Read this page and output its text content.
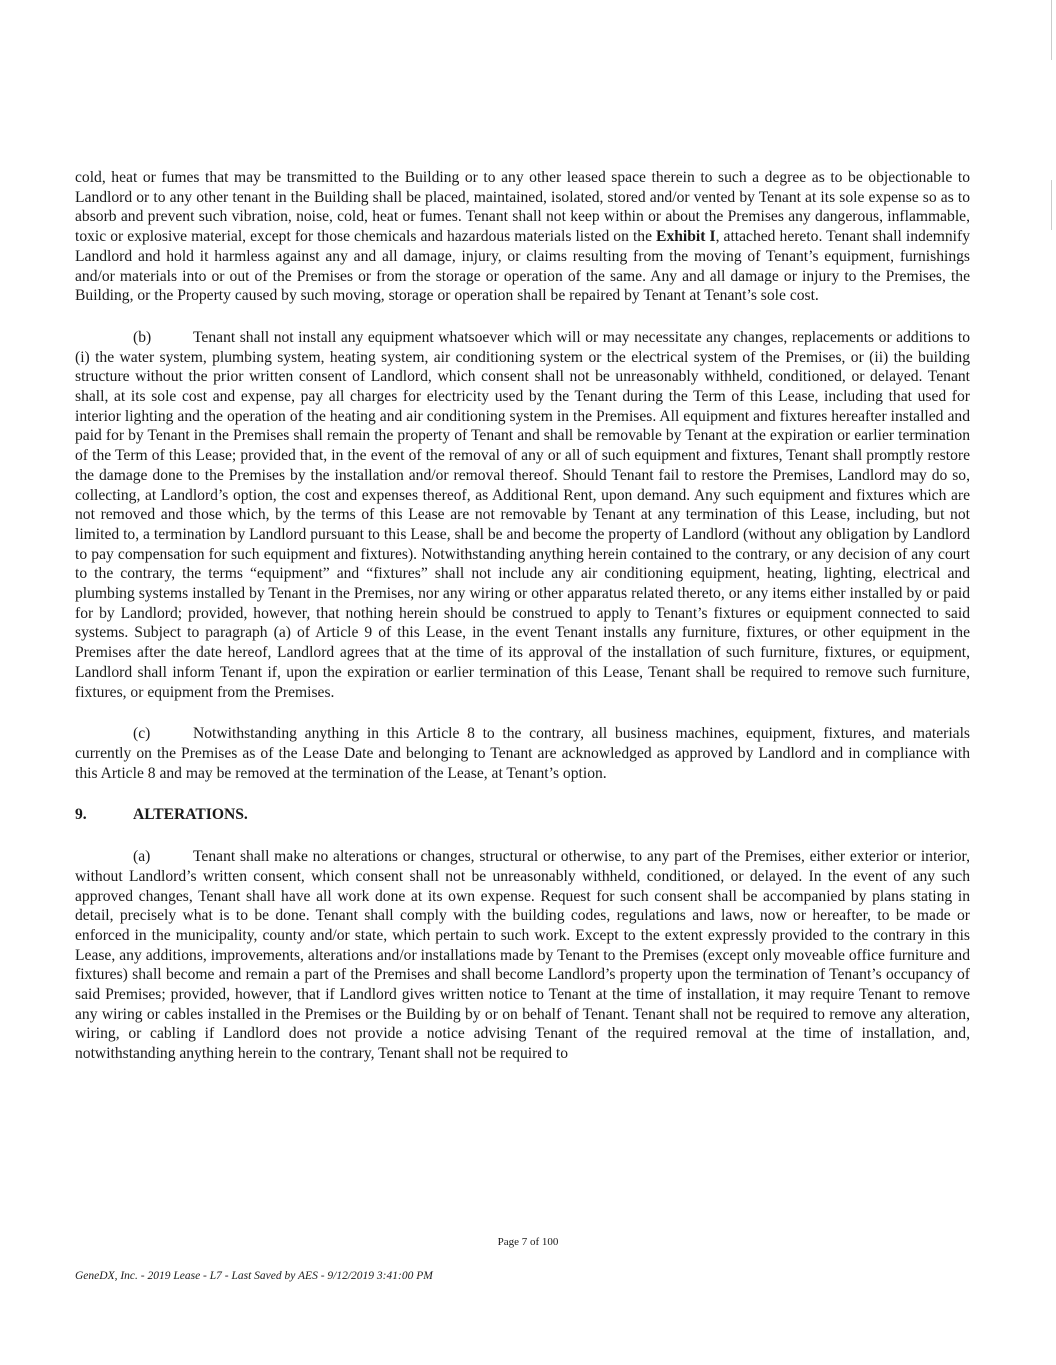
cold, heat or fumes that may be transmitted to the Building or to any other leased space therein to such a degree as to be objectionable to Landlord or to any other tenant in the Building shall be placed, maintained, isolated, stored and/or vented by Tenant at its sole expense so as to absorb and prevent such vibration, noise, cold, heat or fumes. Tenant shall not keep within or about the Premises any dangerous, inflammable, toxic or explosive material, except for those chemicals and hazardous materials listed on the Exhibit I, attached hereto. Tenant shall indemnify Landlord and hold it harmless against any and all damage, injury, or claims resulting from the moving of Tenant’s equipment, furnishings and/or materials into or out of the Premises or from the storage or operation of the same. Any and all damage or injury to the Premises, the Building, or the Property caused by such moving, storage or operation shall be repaired by Tenant at Tenant’s sole cost.

(b)	Tenant shall not install any equipment whatsoever which will or may necessitate any changes, replacements or additions to (i) the water system, plumbing system, heating system, air conditioning system or the electrical system of the Premises, or (ii) the building structure without the prior written consent of Landlord, which consent shall not be unreasonably withheld, conditioned, or delayed. Tenant shall, at its sole cost and expense, pay all charges for electricity used by the Tenant during the Term of this Lease, including that used for interior lighting and the operation of the heating and air conditioning system in the Premises. All equipment and fixtures hereafter installed and paid for by Tenant in the Premises shall remain the property of Tenant and shall be removable by Tenant at the expiration or earlier termination of the Term of this Lease; provided that, in the event of the removal of any or all of such equipment and fixtures, Tenant shall promptly restore the damage done to the Premises by the installation and/or removal thereof. Should Tenant fail to restore the Premises, Landlord may do so, collecting, at Landlord’s option, the cost and expenses thereof, as Additional Rent, upon demand. Any such equipment and fixtures which are not removed and those which, by the terms of this Lease are not removable by Tenant at any termination of this Lease, including, but not limited to, a termination by Landlord pursuant to this Lease, shall be and become the property of Landlord (without any obligation by Landlord to pay compensation for such equipment and fixtures). Notwithstanding anything herein contained to the contrary, or any decision of any court to the contrary, the terms “equipment” and “fixtures” shall not include any air conditioning equipment, heating, lighting, electrical and plumbing systems installed by Tenant in the Premises, nor any wiring or other apparatus related thereto, or any items either installed by or paid for by Landlord; provided, however, that nothing herein should be construed to apply to Tenant’s fixtures or equipment connected to said systems. Subject to paragraph (a) of Article 9 of this Lease, in the event Tenant installs any furniture, fixtures, or other equipment in the Premises after the date hereof, Landlord agrees that at the time of its approval of the installation of such furniture, fixtures, or equipment, Landlord shall inform Tenant if, upon the expiration or earlier termination of this Lease, Tenant shall be required to remove such furniture, fixtures, or equipment from the Premises.

(c)	Notwithstanding anything in this Article 8 to the contrary, all business machines, equipment, fixtures, and materials currently on the Premises as of the Lease Date and belonging to Tenant are acknowledged as approved by Landlord and in compliance with this Article 8 and may be removed at the termination of the Lease, at Tenant’s option.

9.	ALTERATIONS.

(a)	Tenant shall make no alterations or changes, structural or otherwise, to any part of the Premises, either exterior or interior, without Landlord’s written consent, which consent shall not be unreasonably withheld, conditioned, or delayed. In the event of any such approved changes, Tenant shall have all work done at its own expense. Request for such consent shall be accompanied by plans stating in detail, precisely what is to be done. Tenant shall comply with the building codes, regulations and laws, now or hereafter, to be made or enforced in the municipality, county and/or state, which pertain to such work. Except to the extent expressly provided to the contrary in this Lease, any additions, improvements, alterations and/or installations made by Tenant to the Premises (except only moveable office furniture and fixtures) shall become and remain a part of the Premises and shall become Landlord’s property upon the termination of Tenant’s occupancy of said Premises; provided, however, that if Landlord gives written notice to Tenant at the time of installation, it may require Tenant to remove any wiring or cables installed in the Premises or the Building by or on behalf of Tenant. Tenant shall not be required to remove any alteration, wiring, or cabling if Landlord does not provide a notice advising Tenant of the required removal at the time of installation, and, notwithstanding anything herein to the contrary, Tenant shall not be required to

Page 7 of 100
GeneDX, Inc. - 2019 Lease - L7 - Last Saved by AES - 9/12/2019 3:41:00 PM
